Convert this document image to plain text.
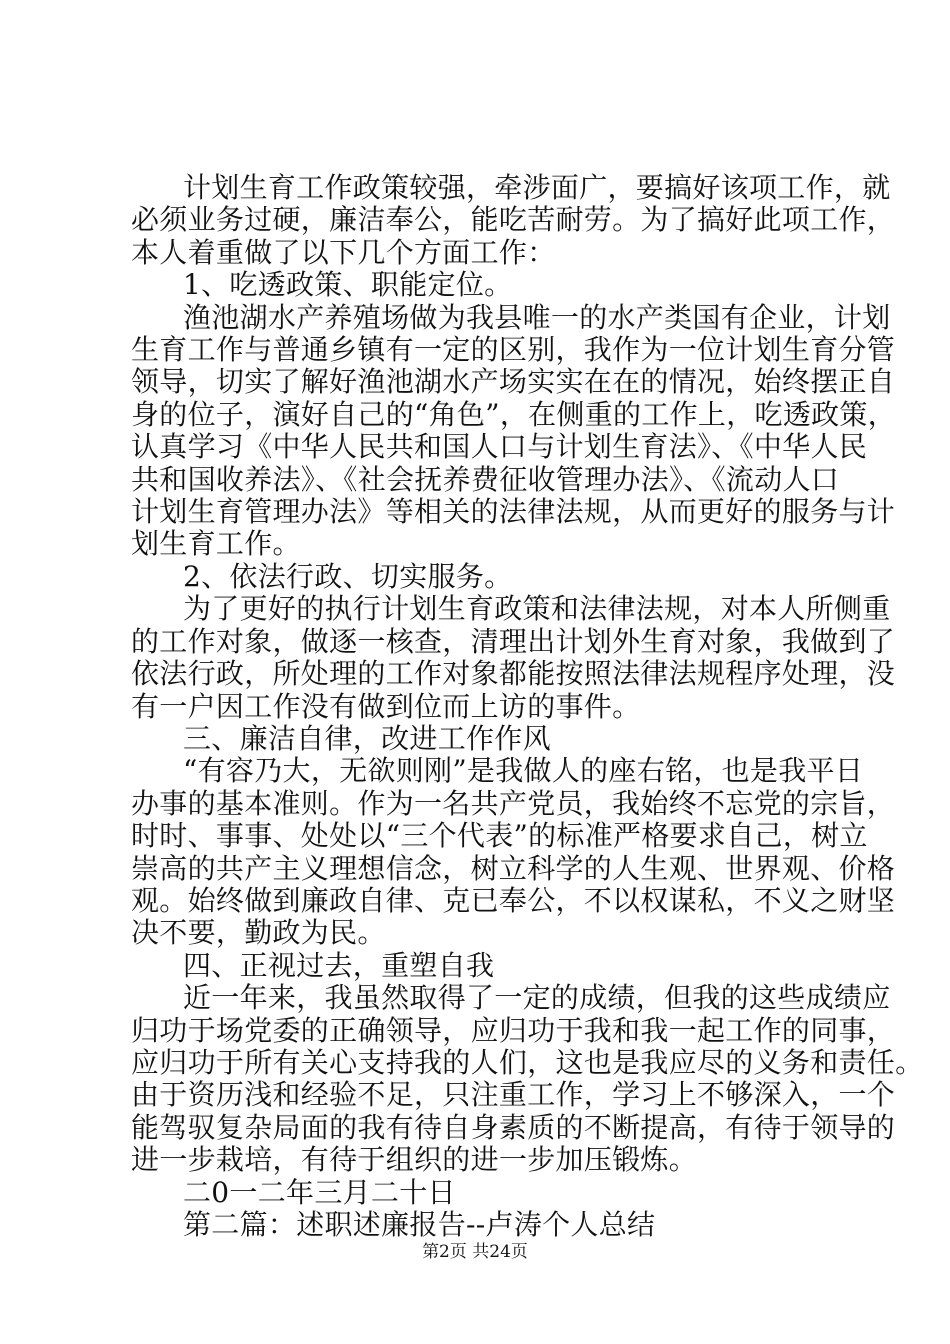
计划生育工作政策较强，牵涉面广，要搞好该项工作，就

必须业务过硬，廉洁奉公，能吃苦耐劳。为了搞好此项工作，

本人着重做了以下几个方面工作：

1、吃透政策、职能定位。

渔池湖水产养殖场做为我县唯一的水产类国有企业，计划

生育工作与普通乡镇有一定的区别，我作为一位计划生育分管

领导，切实了解好渔池湖水产场实实在在的情况，始终摆正自

身的位子，演好自己的“角色”，在侧重的工作上，吃透政策，

认真学习《中华人民共和国人口与计划生育法》、《中华人民

共和国收养法》、《社会抚养费征收管理办法》、《流动人口

计划生育管理办法》等相关的法律法规，从而更好的服务与计

划生育工作。

2、依法行政、切实服务。

为了更好的执行计划生育政策和法律法规，对本人所侧重

的工作对象，做逐一核查，清理出计划外生育对象，我做到了

依法行政，所处理的工作对象都能按照法律法规程序处理，没

有一户因工作没有做到位而上访的事件。

三、廉洁自律，改进工作作风

“有容乃大，无欲则刚”是我做人的座右铭，也是我平日

办事的基本准则。作为一名共产党员，我始终不忘党的宗旨，

时时、事事、处处以“三个代表”的标准严格要求自己，树立

崇高的共产主义理想信念，树立科学的人生观、世界观、价格

观。始终做到廉政自律、克已奉公，不以权谋私，不义之财坚

决不要，勤政为民。

四、正视过去，重塑自我

近一年来，我虽然取得了一定的成绩，但我的这些成绩应

归功于场党委的正确领导，应归功于我和我一起工作的同事，

应归功于所有关心支持我的人们，这也是我应尽的义务和责任。

由于资历浅和经验不足，只注重工作，学习上不够深入，一个

能驾驭复杂局面的我有待自身素质的不断提高，有待于领导的

进一步栽培，有待于组织的进一步加压锻炼。

二0一二年三月二十日

第二篇：述职述廉报告--卢涛个人总结

第2页 共24页
